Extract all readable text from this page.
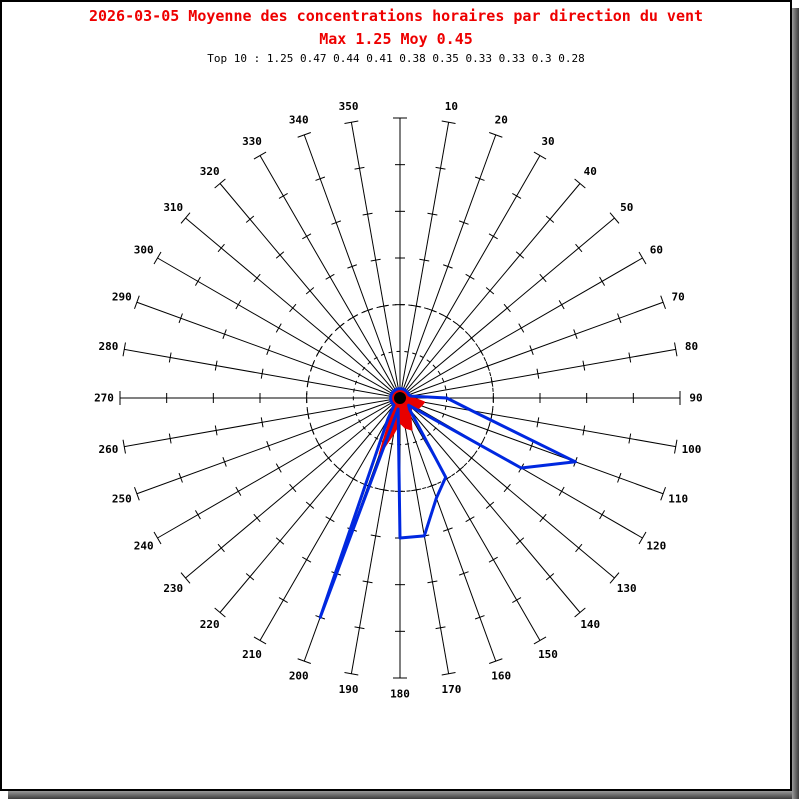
2026-03-05 Moyenne des concentrations horaires par direction du vent
Max 1.25 Moy 0.45
Top 10 : 1.25 0.47 0.44 0.41 0.38 0.35 0.33 0.33 0.3 0.28
10
20
30
40
50
60
70
80
90
100
110
120
130
140
150
160
170
180
190
200
210
220
230
240
250
260
270
280
290
300
310
320
330
340
350
